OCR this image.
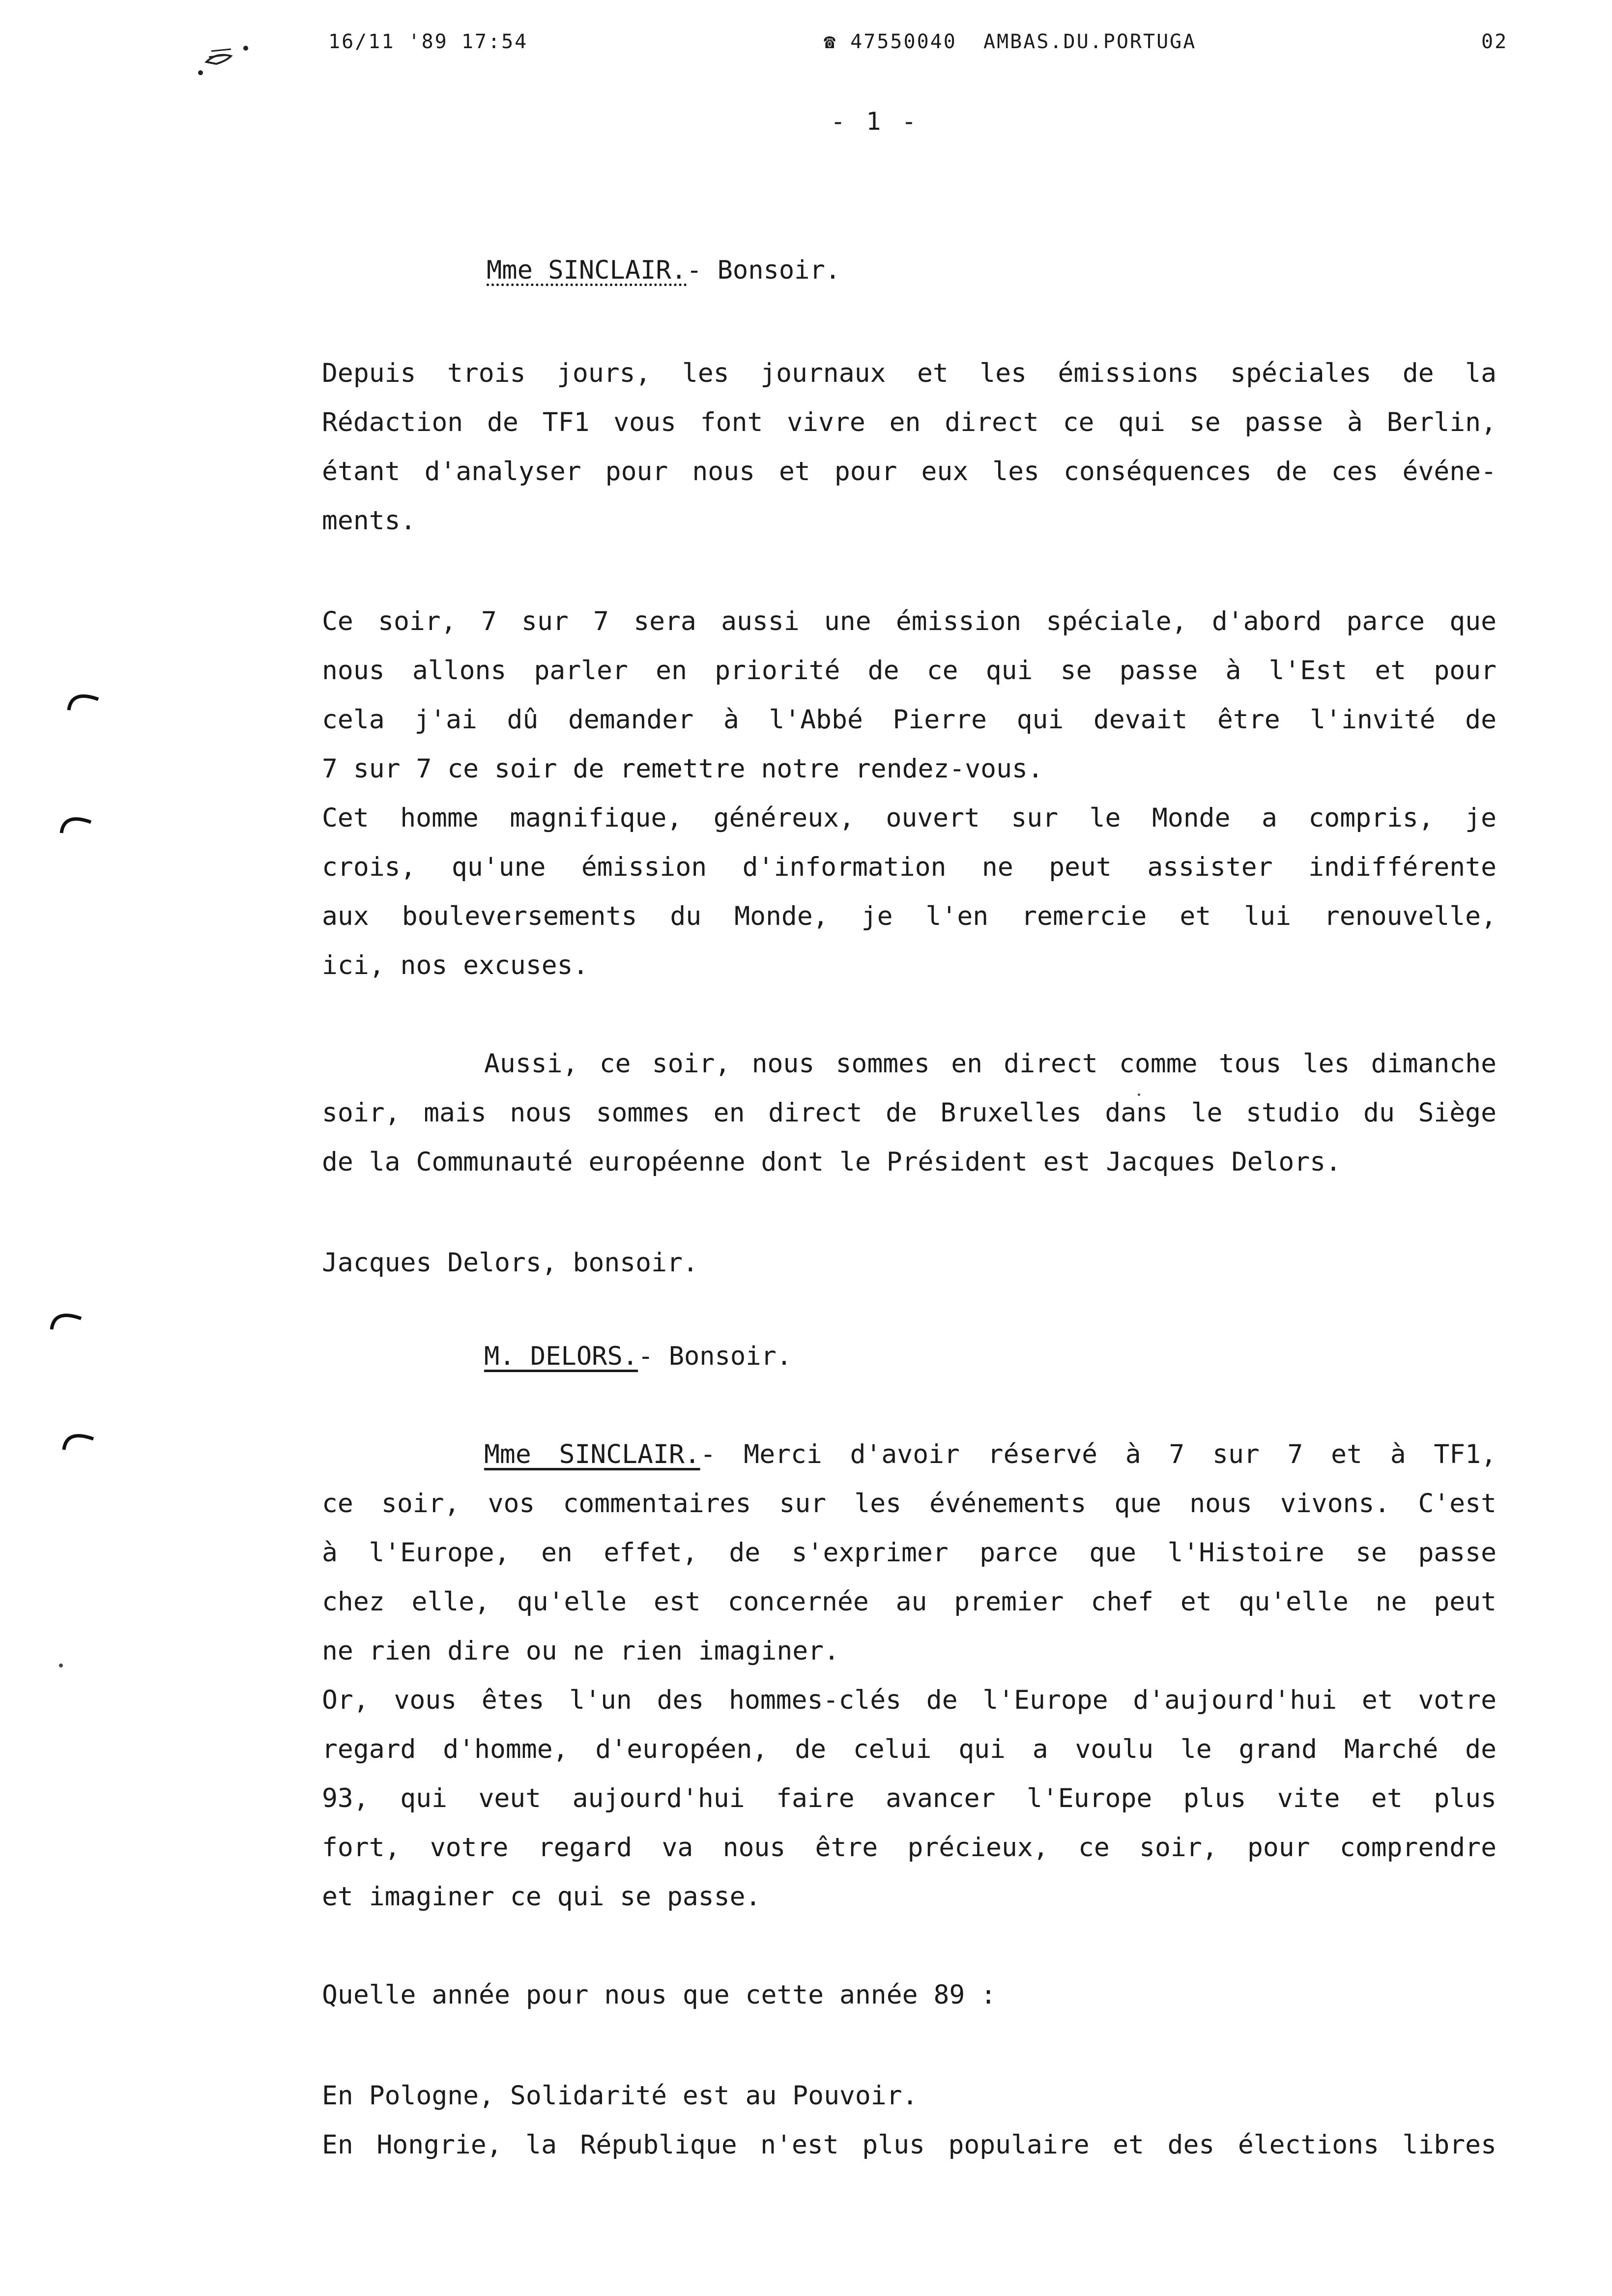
16/11 '89 17:54	☎ 47550040 AMBAS.DU.PORTUGA	02
- 1 -
Mme SINCLAIR.- Bonsoir.
Depuis trois jours, les journaux et les émissions spéciales de la
Rédaction de TF1 vous font vivre en direct ce qui se passe à Berlin,
étant d'analyser pour nous et pour eux les conséquences de ces événe-
ments.
Ce soir, 7 sur 7 sera aussi une émission spéciale, d'abord parce que
nous allons parler en priorité de ce qui se passe à l'Est et pour
cela j'ai dû demander à l'Abbé Pierre qui devait être l'invité de
7 sur 7 ce soir de remettre notre rendez-vous.
Cet homme magnifique, généreux, ouvert sur le Monde a compris, je
crois, qu'une émission d'information ne peut assister indifférente
aux bouleversements du Monde, je l'en remercie et lui renouvelle,
ici, nos excuses.
Aussi, ce soir, nous sommes en direct comme tous les dimanche
soir, mais nous sommes en direct de Bruxelles dans le studio du Siège
de la Communauté européenne dont le Président est Jacques Delors.
Jacques Delors, bonsoir.
M. DELORS.- Bonsoir.
Mme SINCLAIR.- Merci d'avoir réservé à 7 sur 7 et à TF1,
ce soir, vos commentaires sur les événements que nous vivons. C'est
à l'Europe, en effet, de s'exprimer parce que l'Histoire se passe
chez elle, qu'elle est concernée au premier chef et qu'elle ne peut
ne rien dire ou ne rien imaginer.
Or, vous êtes l'un des hommes-clés de l'Europe d'aujourd'hui et votre
regard d'homme, d'européen, de celui qui a voulu le grand Marché de
93, qui veut aujourd'hui faire avancer l'Europe plus vite et plus
fort, votre regard va nous être précieux, ce soir, pour comprendre
et imaginer ce qui se passe.
Quelle année pour nous que cette année 89 :
En Pologne, Solidarité est au Pouvoir.
En Hongrie, la République n'est plus populaire et des élections libres
